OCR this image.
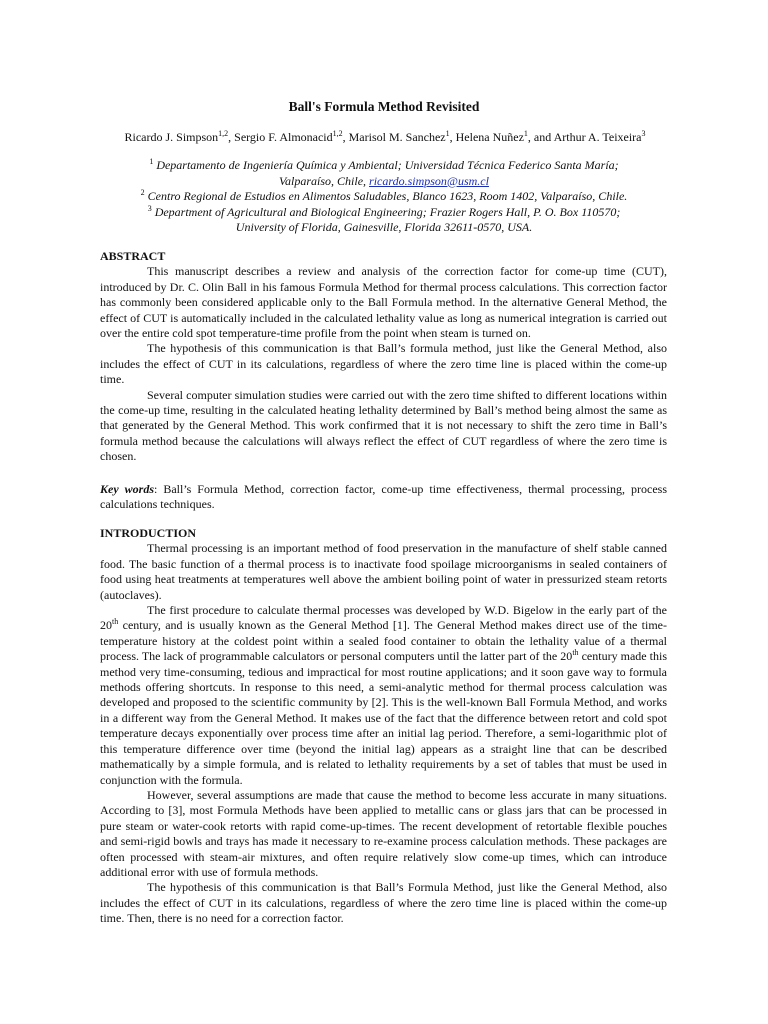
Ball's Formula Method Revisited
Ricardo J. Simpson$^{1,2}$, Sergio F. Almonacid$^{1,2}$, Marisol M. Sanchez$^1$, Helena Nuñez$^1$, and Arthur A. Teixeira$^3$
$^1$ Departamento de Ingeniería Química y Ambiental; Universidad Técnica Federico Santa María;
Valparaíso, Chile, ricardo.simpson@usm.cl
$^2$ Centro Regional de Estudios en Alimentos Saludables, Blanco 1623, Room 1402, Valparaíso, Chile.
$^3$ Department of Agricultural and Biological Engineering; Frazier Rogers Hall, P. O. Box 110570;
University of Florida, Gainesville, Florida 32611-0570, USA.
ABSTRACT

This manuscript describes a review and analysis of the correction factor for come-up time (CUT), introduced by Dr. C. Olin Ball in his famous Formula Method for thermal process calculations. This correction factor has commonly been considered applicable only to the Ball Formula method. In the alternative General Method, the effect of CUT is automatically included in the calculated lethality value as long as numerical integration is carried out over the entire cold spot temperature-time profile from the point when steam is turned on.

The hypothesis of this communication is that Ball’s formula method, just like the General Method, also includes the effect of CUT in its calculations, regardless of where the zero time line is placed within the come-up time.

Several computer simulation studies were carried out with the zero time shifted to different locations within the come-up time, resulting in the calculated heating lethality determined by Ball’s method being almost the same as that generated by the General Method. This work confirmed that it is not necessary to shift the zero time in Ball’s formula method because the calculations will always reflect the effect of CUT regardless of where the zero time is chosen.

Key words: Ball’s Formula Method, correction factor, come-up time effectiveness, thermal processing, process calculations techniques.

INTRODUCTION

Thermal processing is an important method of food preservation in the manufacture of shelf stable canned food. The basic function of a thermal process is to inactivate food spoilage microorganisms in sealed containers of food using heat treatments at temperatures well above the ambient boiling point of water in pressurized steam retorts (autoclaves).

The first procedure to calculate thermal processes was developed by W.D. Bigelow in the early part of the 20th century, and is usually known as the General Method [1]. The General Method makes direct use of the time-temperature history at the coldest point within a sealed food container to obtain the lethality value of a thermal process. The lack of programmable calculators or personal computers until the latter part of the 20th century made this method very time-consuming, tedious and impractical for most routine applications; and it soon gave way to formula methods offering shortcuts. In response to this need, a semi-analytic method for thermal process calculation was developed and proposed to the scientific community by [2]. This is the well-known Ball Formula Method, and works in a different way from the General Method. It makes use of the fact that the difference between retort and cold spot temperature decays exponentially over process time after an initial lag period. Therefore, a semi-logarithmic plot of this temperature difference over time (beyond the initial lag) appears as a straight line that can be described mathematically by a simple formula, and is related to lethality requirements by a set of tables that must be used in conjunction with the formula.

However, several assumptions are made that cause the method to become less accurate in many situations. According to [3], most Formula Methods have been applied to metallic cans or glass jars that can be processed in pure steam or water-cook retorts with rapid come-up-times. The recent development of retortable flexible pouches and semi-rigid bowls and trays has made it necessary to re-examine process calculation methods. These packages are often processed with steam-air mixtures, and often require relatively slow come-up times, which can introduce additional error with use of formula methods.

The hypothesis of this communication is that Ball’s Formula Method, just like the General Method, also includes the effect of CUT in its calculations, regardless of where the zero time line is placed within the come-up time. Then, there is no need for a correction factor.
